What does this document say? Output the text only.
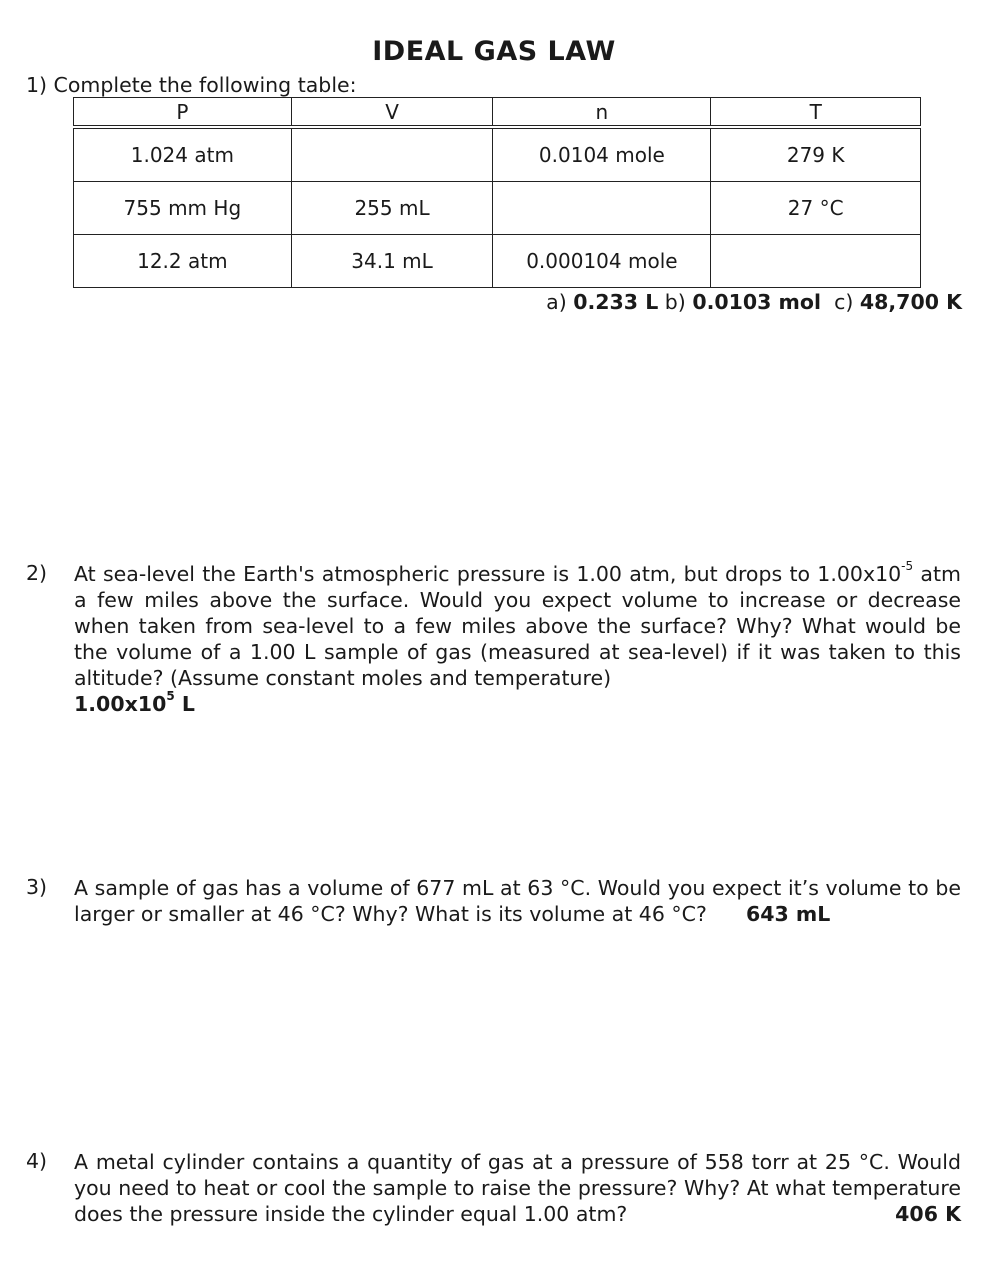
IDEAL GAS LAW
1) Complete the following table:
P	V	n	T
1.024 atm		0.0104 mole	279 K
755 mm Hg	255 mL		27 °C
12.2 atm	34.1 mL	0.000104 mole	
a) 0.233 L b) 0.0103 mol  c) 48,700 K
2) At sea-level the Earth's atmospheric pressure is 1.00 atm, but drops to $1.00x10^{-5}$ atm a few miles above the surface. Would you expect volume to increase or decrease when taken from sea-level to a few miles above the surface? Why? What would be the volume of a 1.00 L sample of gas (measured at sea-level) if it was taken to this altitude? (Assume constant moles and temperature)
$1.00x10^5$ L
3) A sample of gas has a volume of 677 mL at 63 °C. Would you expect it’s volume to be larger or smaller at 46 °C? Why? What is its volume at 46 °C? 643 mL
4) A metal cylinder contains a quantity of gas at a pressure of 558 torr at 25 °C. Would you need to heat or cool the sample to raise the pressure? Why? At what temperature does the pressure inside the cylinder equal 1.00 atm?	406 K
